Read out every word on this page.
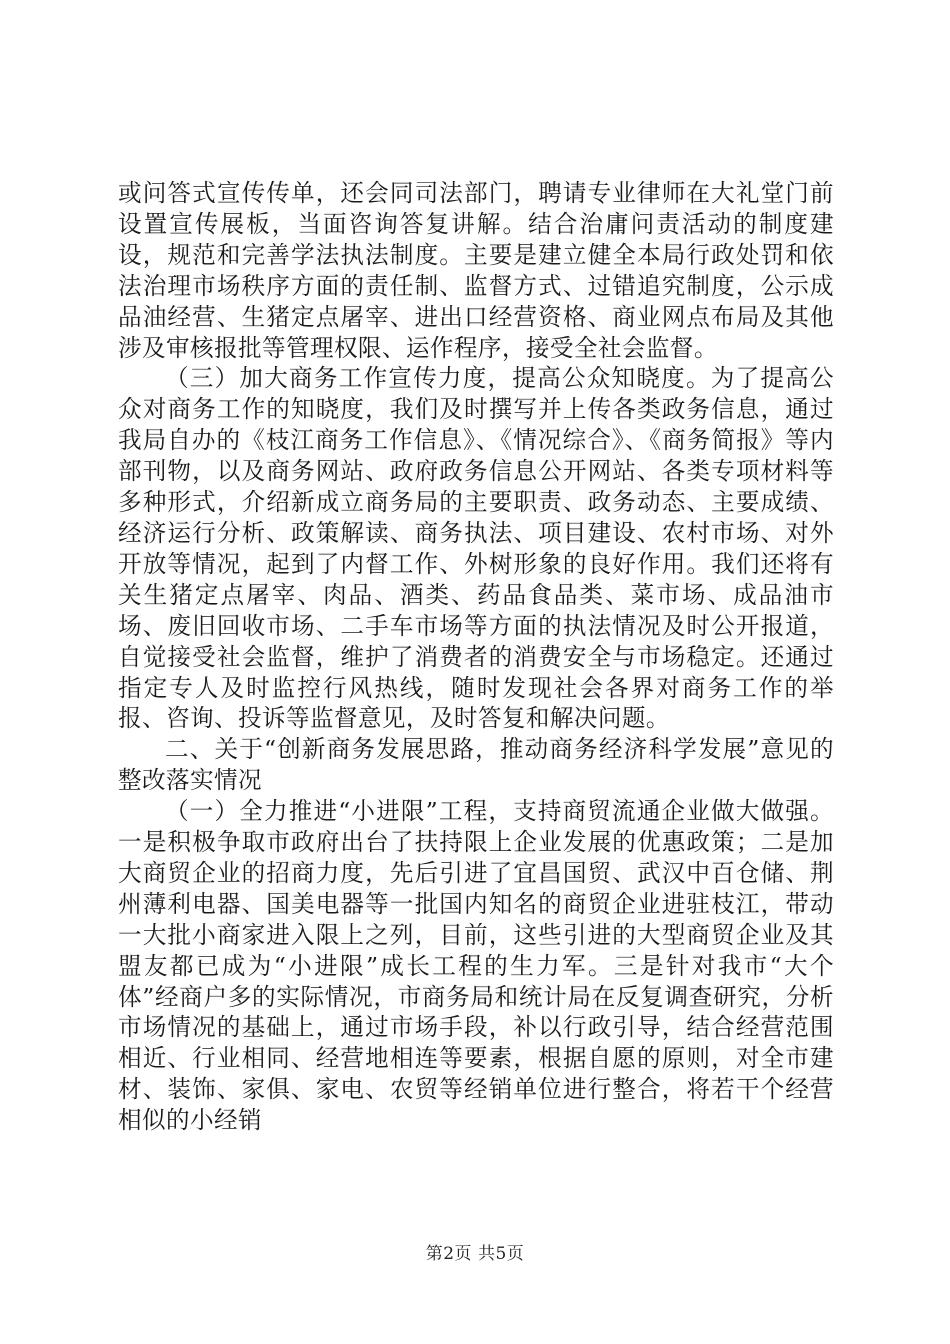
或问答式宣传传单，还会同司法部门，聘请专业律师在大礼堂门前设置宣传展板，当面咨询答复讲解。结合治庸问责活动的制度建设，规范和完善学法执法制度。主要是建立健全本局行政处罚和依法治理市场秩序方面的责任制、监督方式、过错追究制度，公示成品油经营、生猪定点屠宰、进出口经营资格、商业网点布局及其他涉及审核报批等管理权限、运作程序，接受全社会监督。

（三）加大商务工作宣传力度，提高公众知晓度。为了提高公众对商务工作的知晓度，我们及时撰写并上传各类政务信息，通过我局自办的《枝江商务工作信息》、《情况综合》、《商务简报》等内部刊物，以及商务网站、政府政务信息公开网站、各类专项材料等多种形式，介绍新成立商务局的主要职责、政务动态、主要成绩、经济运行分析、政策解读、商务执法、项目建设、农村市场、对外开放等情况，起到了内督工作、外树形象的良好作用。我们还将有关生猪定点屠宰、肉品、酒类、药品食品类、菜市场、成品油市场、废旧回收市场、二手车市场等方面的执法情况及时公开报道，自觉接受社会监督，维护了消费者的消费安全与市场稳定。还通过指定专人及时监控行风热线，随时发现社会各界对商务工作的举报、咨询、投诉等监督意见，及时答复和解决问题。

二、关于“创新商务发展思路，推动商务经济科学发展”意见的整改落实情况

（一）全力推进“小进限”工程，支持商贸流通企业做大做强。一是积极争取市政府出台了扶持限上企业发展的优惠政策；二是加大商贸企业的招商力度，先后引进了宜昌国贸、武汉中百仓储、荆州薄利电器、国美电器等一批国内知名的商贸企业进驻枝江，带动一大批小商家进入限上之列，目前，这些引进的大型商贸企业及其盟友都已成为“小进限”成长工程的生力军。三是针对我市“大个体”经商户多的实际情况，市商务局和统计局在反复调查研究，分析市场情况的基础上，通过市场手段，补以行政引导，结合经营范围相近、行业相同、经营地相连等要素，根据自愿的原则，对全市建材、装饰、家俱、家电、农贸等经销单位进行整合，将若干个经营相似的小经销

第2页 共5页
